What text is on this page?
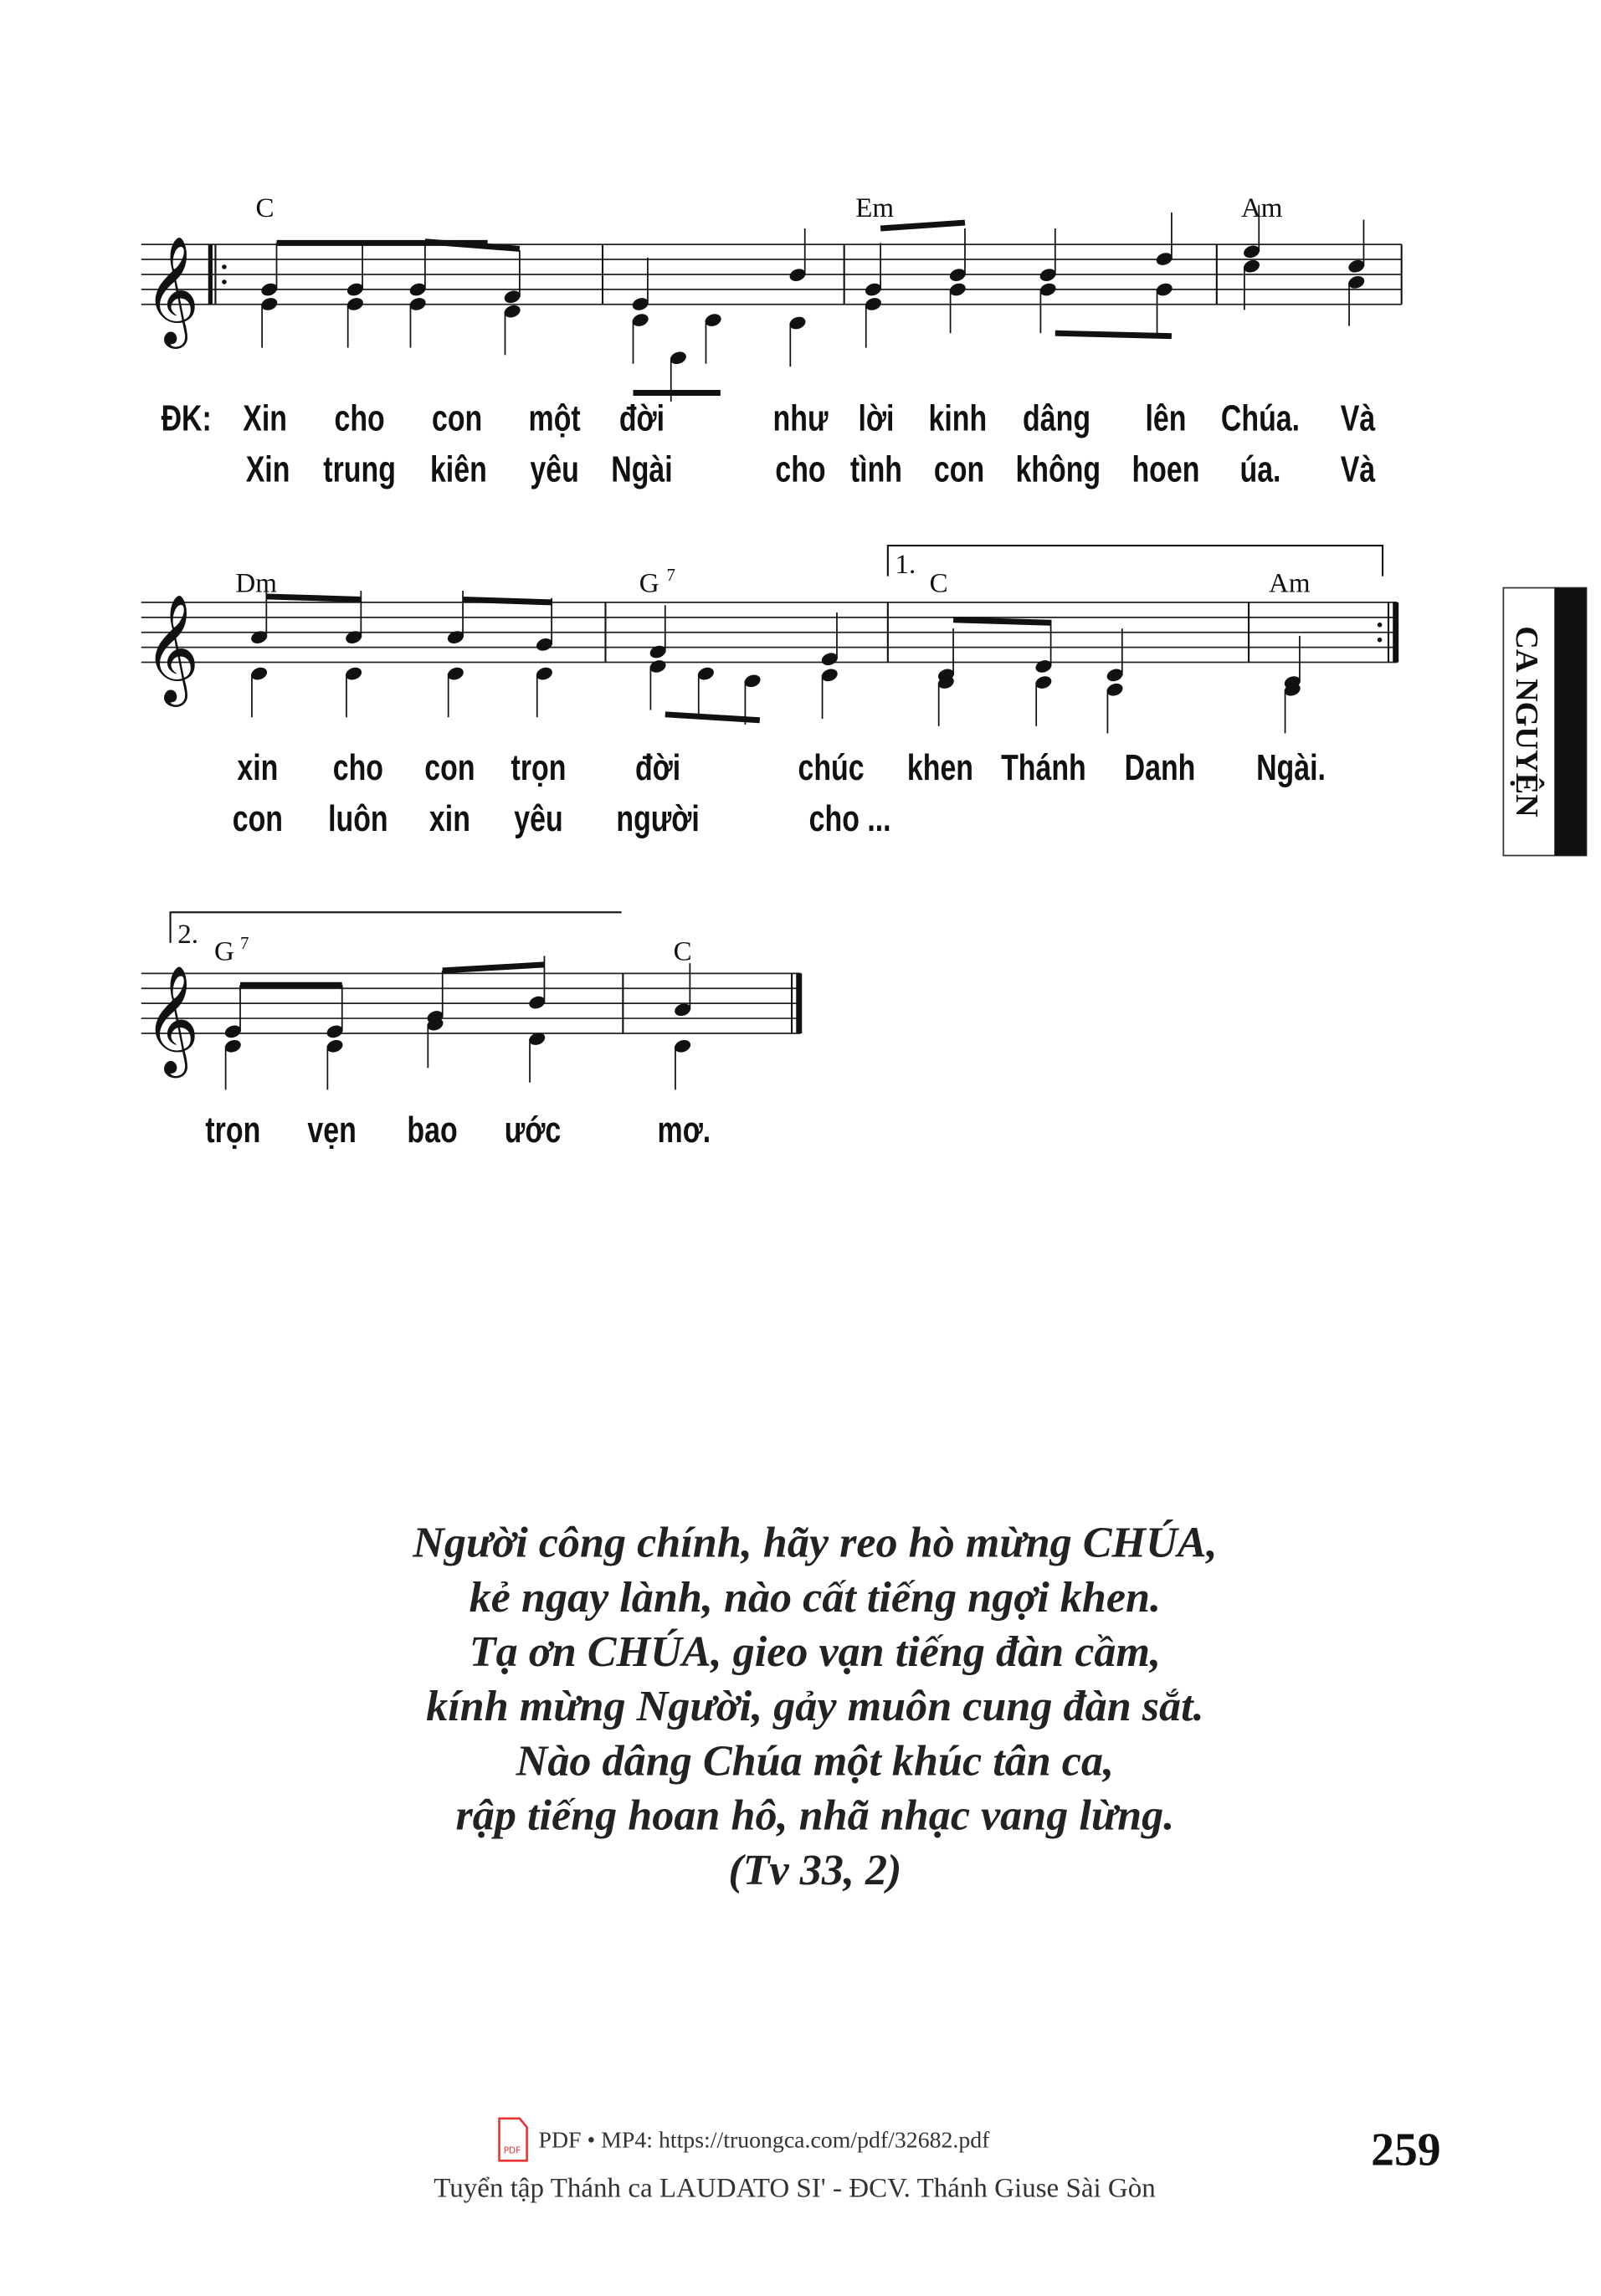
CA NGUYỆN
𝄞
𝄞
𝄞
C	Em	Am
Dm	G 7	C	Am
G 7	C
1.
2.
ĐK: Xin cho con một đời	như lời kinh dâng	lên Chúa. Và
Xin trung kiên yêu Ngài	cho tình con không hoen úa.	Và
xin	cho con trọn	đời	chúc khen Thánh Danh	Ngài.
con luôn xin yêu	người	cho ...
trọn vẹn bao ước	mơ.
Người công chính, hãy reo hò mừng CHÚA,
kẻ ngay lành, nào cất tiếng ngợi khen.
Tạ ơn CHÚA, gieo vạn tiếng đàn cầm,
kính mừng Người, gảy muôn cung đàn sắt.
Nào dâng Chúa một khúc tân ca,
rập tiếng hoan hô, nhã nhạc vang lừng.
(Tv 33, 2)
Tuyển tập Thánh ca LAUDATO SI' - ĐCV. Thánh Giuse Sài Gòn
PDF PDF • MP4: https://truongca.com/pdf/32682.pdf	259
